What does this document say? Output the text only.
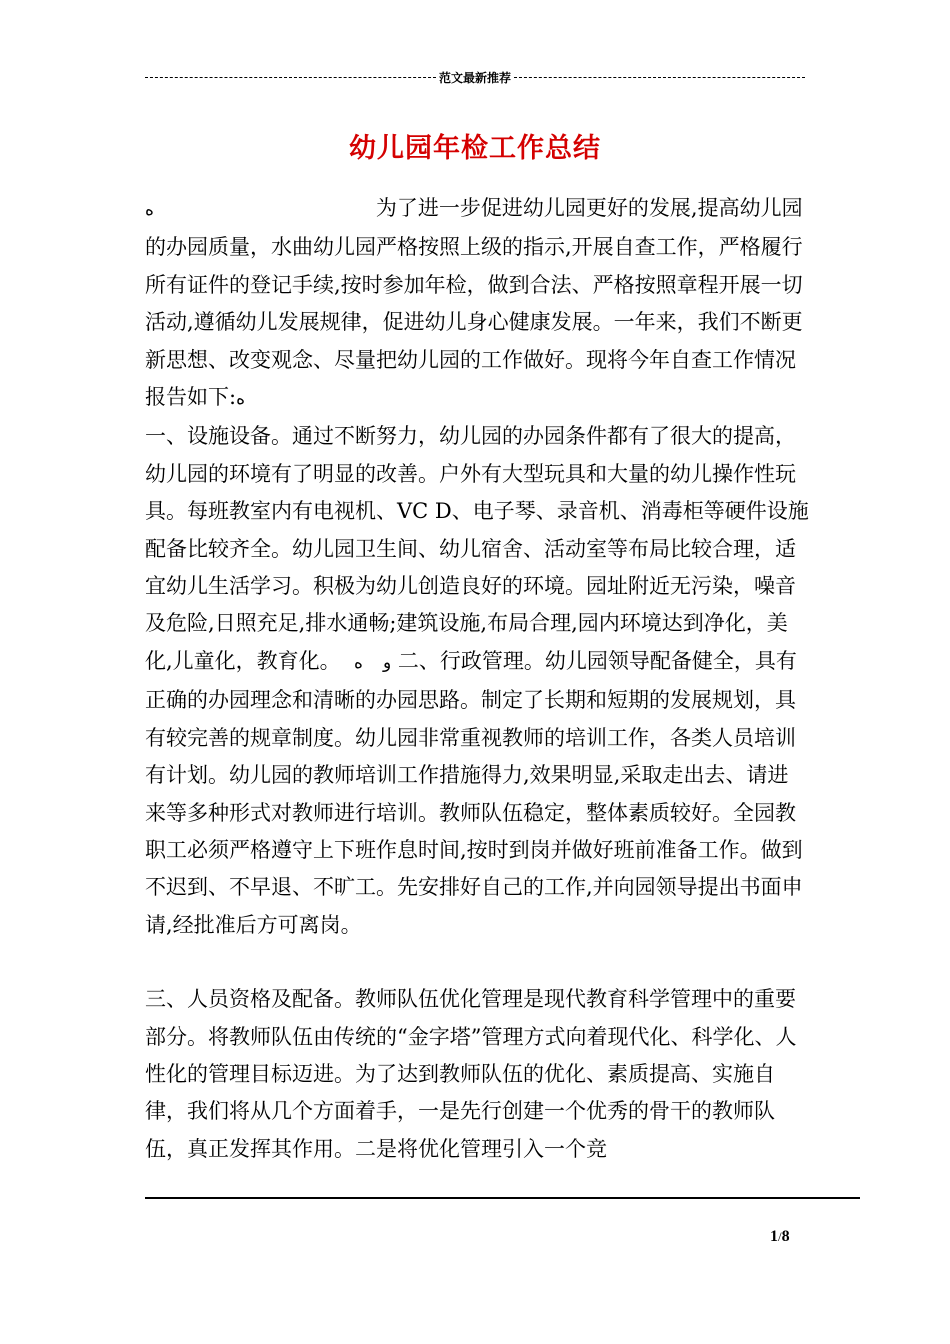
范文最新推荐
幼儿园年检工作总结

ه	为了进一步促进幼儿园更好的发展,提高幼儿园的办园质量，水曲幼儿园严格按照上级的指示,开展自查工作，严格履行所有证件的登记手续,按时参加年检，做到合法、严格按照章程开展一切活动,遵循幼儿发展规律，促进幼儿身心健康发展。一年来，我们不断更新思想、改变观念、尽量把幼儿园的工作做好。现将今年自查工作情况报告如下:ه

一、设施设备。通过不断努力，幼儿园的办园条件都有了很大的提高，幼儿园的环境有了明显的改善。户外有大型玩具和大量的幼儿操作性玩具。每班教室内有电视机、VC D、电子琴、录音机、消毒柜等硬件设施配备比较齐全。幼儿园卫生间、幼儿宿舍、活动室等布局比较合理，适宜幼儿生活学习。积极为幼儿创造良好的环境。园址附近无污染，噪音及危险,日照充足,排水通畅;建筑设施,布局合理,园内环境达到净化，美化,儿童化，教育化。 و   ه 二、行政管理。幼儿园领导配备健全，具有正确的办园理念和清晰的办园思路。制定了长期和短期的发展规划，具有较完善的规章制度。幼儿园非常重视教师的培训工作，各类人员培训有计划。幼儿园的教师培训工作措施得力,效果明显,采取走出去、请进来等多种形式对教师进行培训。教师队伍稳定，整体素质较好。全园教职工必须严格遵守上下班作息时间,按时到岗并做好班前准备工作。做到不迟到、不早退、不旷工。先安排好自己的工作,并向园领导提出书面申请,经批准后方可离岗。

三、人员资格及配备。教师队伍优化管理是现代教育科学管理中的重要部分。将教师队伍由传统的“金字塔”管理方式向着现代化、科学化、人性化的管理目标迈进。为了达到教师队伍的优化、素质提高、实施自律，我们将从几个方面着手，一是先行创建一个优秀的骨干的教师队伍，真正发挥其作用。二是将优化管理引入一个竞

1/8
